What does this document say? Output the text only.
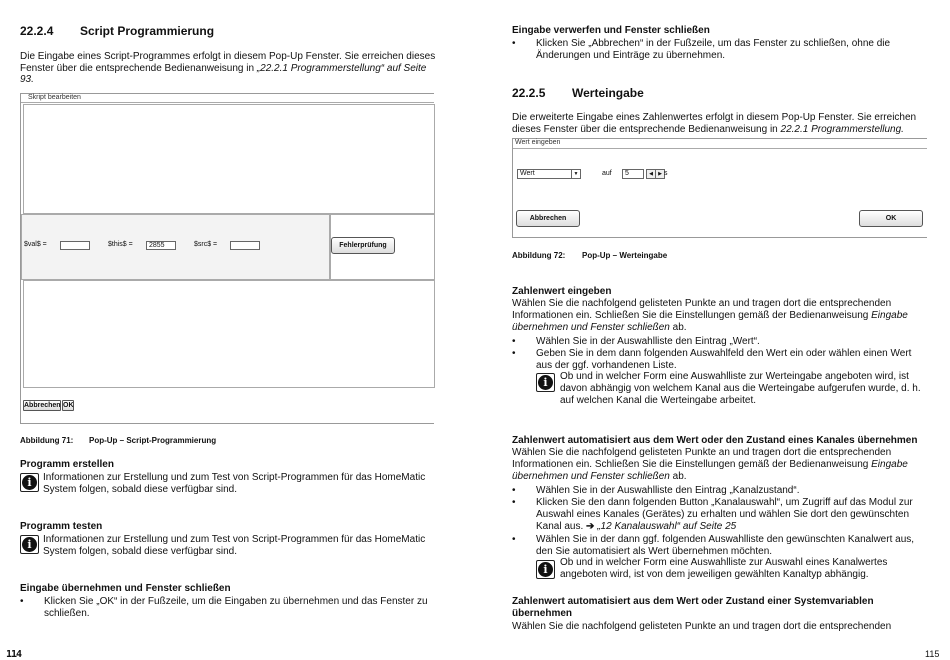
22.2.4 Script Programmierung
Die Eingabe eines Script-Programmes erfolgt in diesem Pop-Up Fenster. Sie erreichen dieses
Fenster über die entsprechende Bedienanweisung in „22.2.1 Programmerstellung“ auf Seite
93.
Skript bearbeiten
$val$ =	$this$ =	2855	$src$ =	Fehlerprüfung
Abbrechen OK
Abbildung 71: Pop-Up – Script-Programmierung
Programm erstellen
i	Informationen zur Erstellung und zum Test von Script-Programmen für das HomeMatic
System folgen, sobald diese verfügbar sind.
Programm testen
i	Informationen zur Erstellung und zum Test von Script-Programmen für das HomeMatic
System folgen, sobald diese verfügbar sind.
Eingabe übernehmen und Fenster schließen
• Klicken Sie „OK“ in der Fußzeile, um die Eingaben zu übernehmen und das Fenster zu
schließen.
114
Eingabe verwerfen und Fenster schließen
• Klicken Sie „Abbrechen“ in der Fußzeile, um das Fenster zu schließen, ohne die
Änderungen und Einträge zu übernehmen.
22.2.5 Werteingabe
Die erweiterte Eingabe eines Zahlenwertes erfolgt in diesem Pop-Up Fenster. Sie erreichen
dieses Fenster über die entsprechende Bedienanweisung in 22.2.1 Programmerstellung.
Wert eingeben
Wert	▼	auf	5	◀	▶ s
Abbrechen	OK
Abbildung 72: Pop-Up – Werteingabe
Zahlenwert eingeben
Wählen Sie die nachfolgend gelisteten Punkte an und tragen dort die entsprechenden
Informationen ein. Schließen Sie die Einstellungen gemäß der Bedienanweisung Eingabe
übernehmen und Fenster schließen ab.
• Wählen Sie in der Auswahlliste den Eintrag „Wert“.
• Geben Sie in dem dann folgenden Auswahlfeld den Wert ein oder wählen einen Wert
aus der ggf. vorhandenen Liste.
i	Ob und in welcher Form eine Auswahlliste zur Werteingabe angeboten wird, ist
davon abhängig von welchem Kanal aus die Werteingabe aufgerufen wurde, d. h.
auf welchen Kanal die Werteingabe arbeitet.
Zahlenwert automatisiert aus dem Wert oder den Zustand eines Kanales übernehmen
Wählen Sie die nachfolgend gelisteten Punkte an und tragen dort die entsprechenden
Informationen ein. Schließen Sie die Einstellungen gemäß der Bedienanweisung Eingabe
übernehmen und Fenster schließen ab.
• Wählen Sie in der Auswahlliste den Eintrag „Kanalzustand“.
• Klicken Sie den dann folgenden Button „Kanalauswahl“, um Zugriff auf das Modul zur
Auswahl eines Kanales (Gerätes) zu erhalten und wählen Sie dort den gewünschten
Kanal aus. ➔ „12 Kanalauswahl“ auf Seite 25
• Wählen Sie in der dann ggf. folgenden Auswahlliste den gewünschten Kanalwert aus,
den Sie automatisiert als Wert übernehmen möchten.
i
Ob und in welcher Form eine Auswahlliste zur Auswahl eines Kanalwertes
angeboten wird, ist von dem jeweiligen gewählten Kanaltyp abhängig.
Zahlenwert automatisiert aus dem Wert oder Zustand einer Systemvariablen
übernehmen
Wählen Sie die nachfolgend gelisteten Punkte an und tragen dort die entsprechenden
115
